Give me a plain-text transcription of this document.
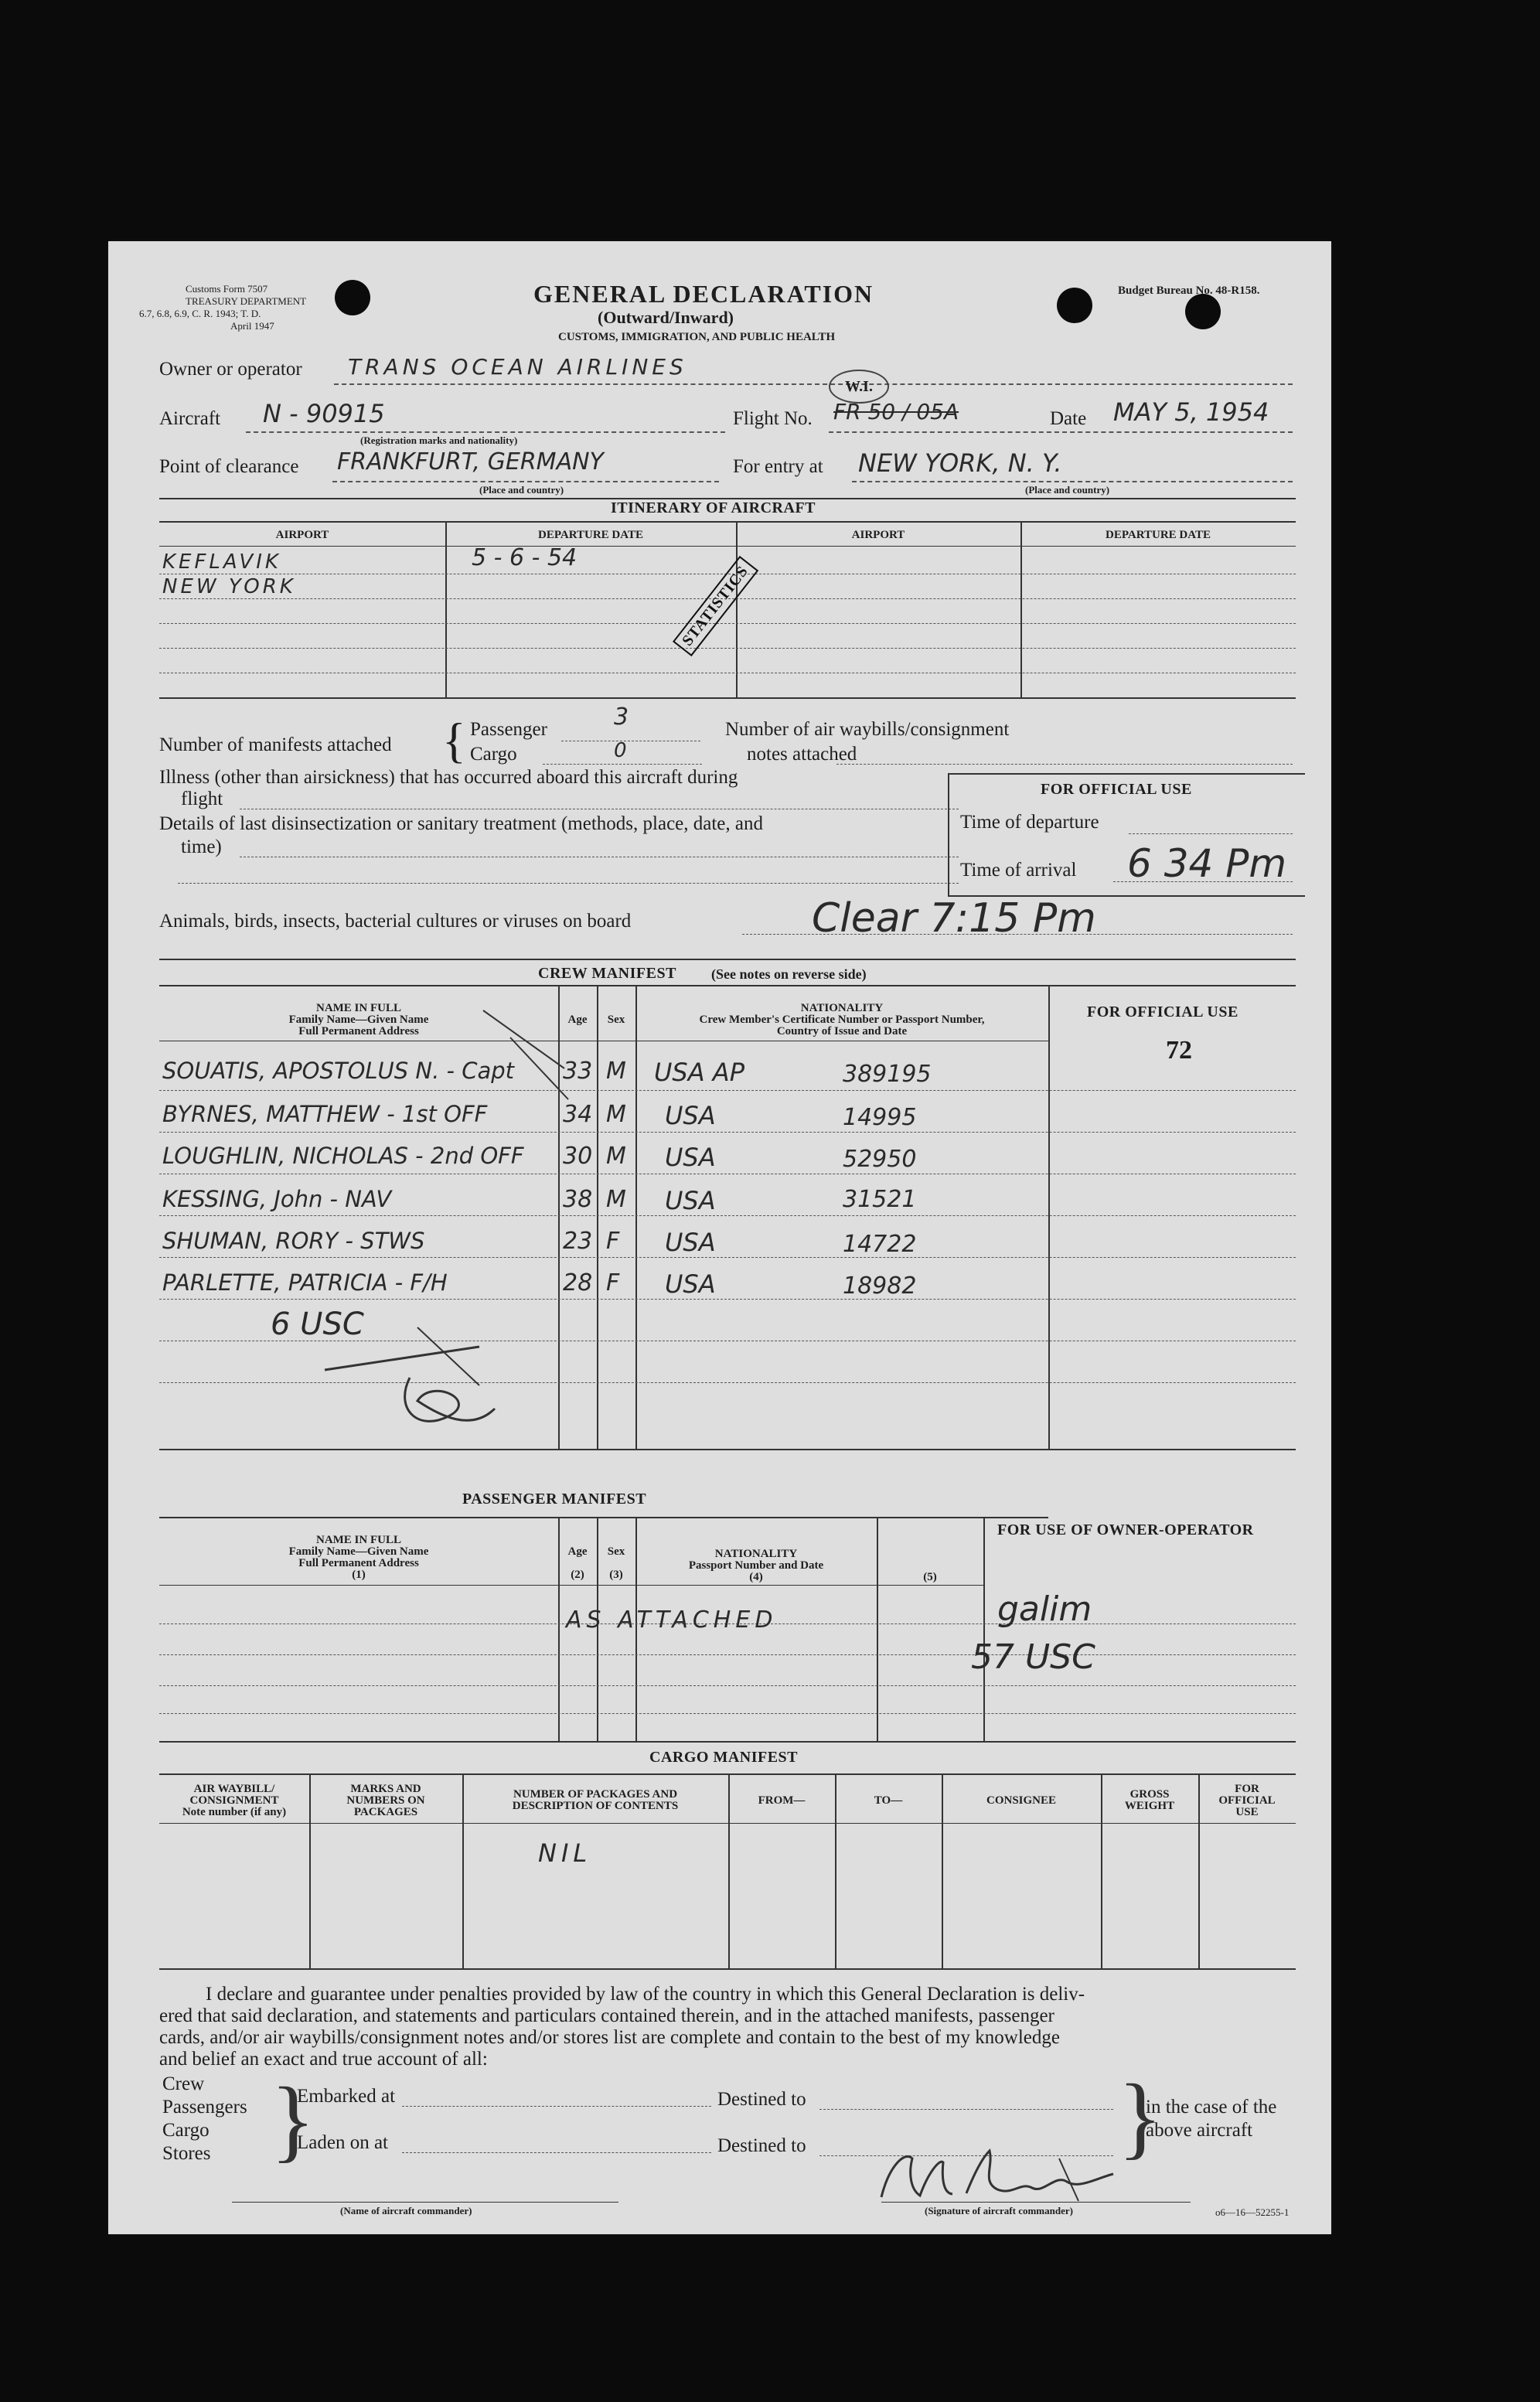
Customs Form 7507
TREASURY DEPARTMENT
6.7, 6.8, 6.9, C. R. 1943; T. D.
April 1947
GENERAL DECLARATION
(Outward/Inward)
CUSTOMS, IMMIGRATION, AND PUBLIC HEALTH
Budget Bureau No. 48-R158.
Owner or operator TRANS OCEAN AIRLINES
Aircraft N - 90915
(Registration marks and nationality)
Flight No. FR 50 / 05A
W.I.
Date MAY 5, 1954
Point of clearance FRANKFURT, GERMANY
(Place and country)
For entry at NEW YORK, N. Y.
(Place and country)
ITINERARY OF AIRCRAFT
AIRPORT	DEPARTURE DATE	AIRPORT	DEPARTURE DATE
KEFLAVIK	5 - 6 - 54
NEW YORK	STATISTICS
Number of manifests attached { Passenger	3
Cargo	0
Number of air waybills/consignment
notes attached
Illness (other than airsickness) that has occurred aboard this aircraft during
flight
Details of last disinsectization or sanitary treatment (methods, place, date, and
time)
FOR OFFICIAL USE
Time of departure
Time of arrival 6 34 Pm
Animals, birds, insects, bacterial cultures or viruses on board	Clear 7:15 Pm
CREW MANIFEST	(See notes on reverse side)
NAME IN FULL
Family Name—Given Name
Full Permanent Address
Age	Sex
NATIONALITY
Crew Member's Certificate Number or Passport Number,
Country of Issue and Date
FOR OFFICIAL USE
72
SOUATIS, APOSTOLUS N. - Capt 33 M USA AP	389195
BYRNES, MATTHEW - 1st OFF	34 M USA	14995
LOUGHLIN, NICHOLAS - 2nd OFF 30 M USA	52950
KESSING, John - NAV	38 M USA	31521
SHUMAN, RORY - STWS	23 F USA	14722
PARLETTE, PATRICIA - F/H	28 F USA	18982
6 USC
PASSENGER MANIFEST
NAME IN FULL
Family Name—Given Name
Full Permanent Address
(1)
Age
(2)
Sex
(3)
NATIONALITY
Passport Number and Date
(4)	(5)
FOR USE OF OWNER-OPERATOR
AS ATTACHED	galim
57 USC
CARGO MANIFEST
AIR WAYBILL/
CONSIGNMENT
Note number (if any)
MARKS AND
NUMBERS ON
PACKAGES
NUMBER OF PACKAGES AND
DESCRIPTION OF CONTENTS	FROM—	TO—	CONSIGNEE	GROSS
WEIGHT
FOR
OFFICIAL
USE
NIL
I declare and guarantee under penalties provided by law of the country in which this General Declaration is deliv-
ered that said declaration, and statements and particulars contained therein, and in the attached manifests, passenger
cards, and/or air waybills/consignment notes and/or stores list are complete and contain to the best of my knowledge
and belief an exact and true account of all:
Crew
Passengers
Cargo
Stores }
Embarked at
Laden on at
Destined to
Destined to	}
in the case of the
above aircraft
(Name of aircraft commander)	(Signature of aircraft commander)	o6—16—52255-1
